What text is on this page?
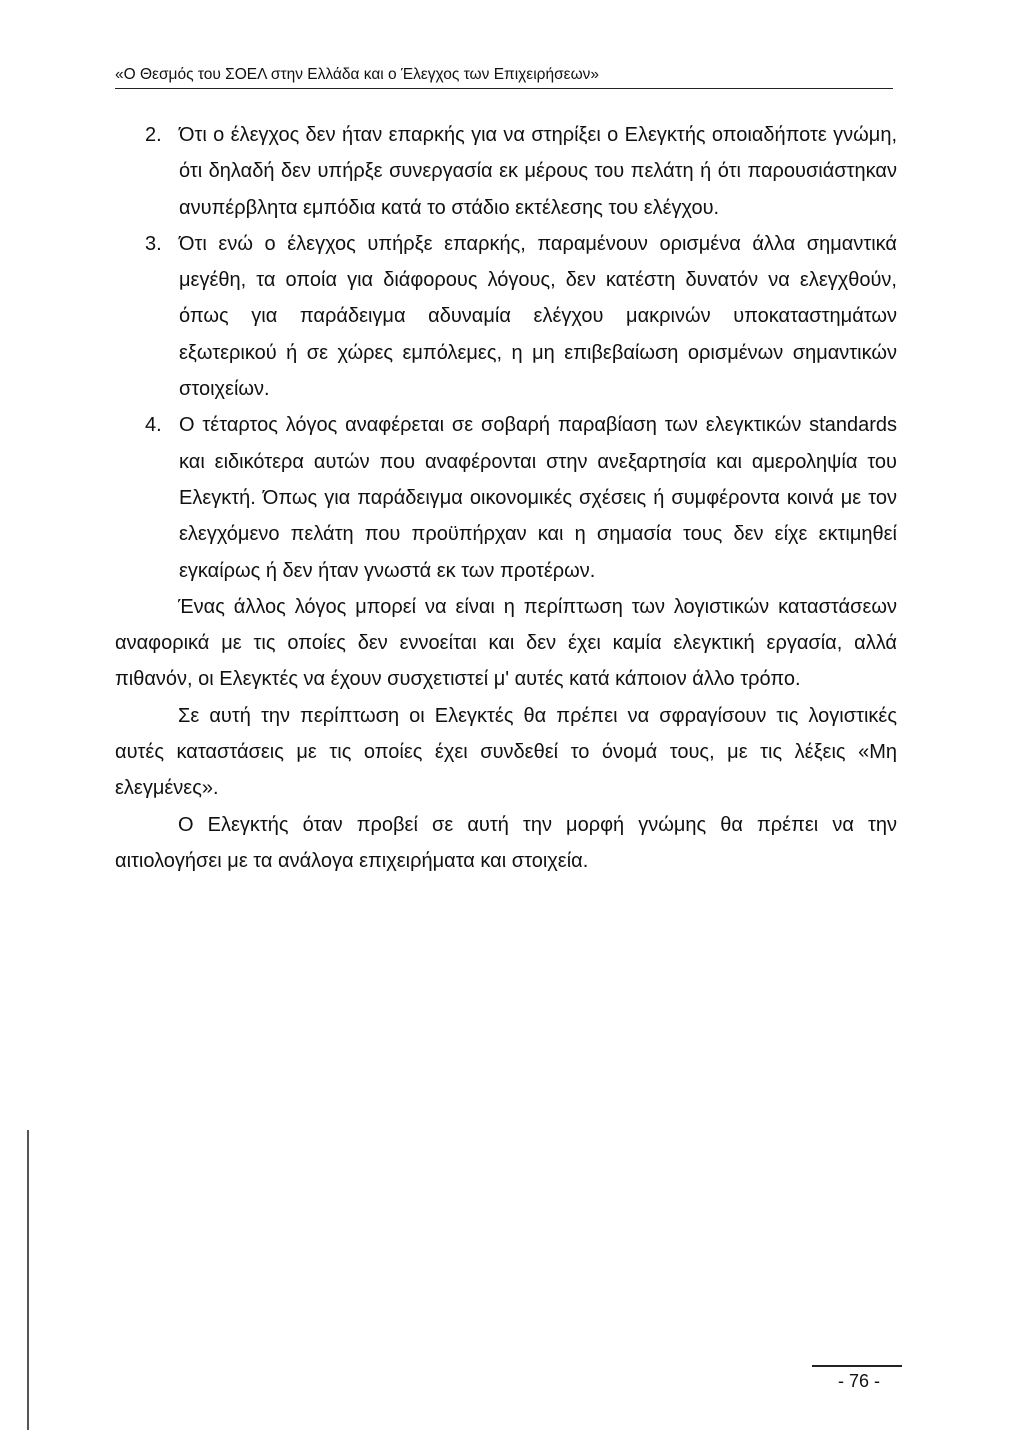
«Ο Θεσμός του ΣΟΕΛ στην Ελλάδα και ο Έλεγχος των Επιχειρήσεων»
2. Ότι ο έλεγχος δεν ήταν επαρκής για να στηρίξει ο Ελεγκτής οποιαδήποτε γνώμη, ότι δηλαδή δεν υπήρξε συνεργασία εκ μέρους του πελάτη ή ότι παρουσιάστηκαν ανυπέρβλητα εμπόδια κατά το στάδιο εκτέλεσης του ελέγχου.
3. Ότι ενώ ο έλεγχος υπήρξε επαρκής, παραμένουν ορισμένα άλλα σημαντικά μεγέθη, τα οποία για διάφορους λόγους, δεν κατέστη δυνατόν να ελεγχθούν, όπως για παράδειγμα αδυναμία ελέγχου μακρινών υποκαταστημάτων εξωτερικού ή σε χώρες εμπόλεμες, η μη επιβεβαίωση ορισμένων σημαντικών στοιχείων.
4. Ο τέταρτος λόγος αναφέρεται σε σοβαρή παραβίαση των ελεγκτικών standards και ειδικότερα αυτών που αναφέρονται στην ανεξαρτησία και αμεροληψία του Ελεγκτή. Όπως για παράδειγμα οικονομικές σχέσεις ή συμφέροντα κοινά με τον ελεγχόμενο πελάτη που προϋπήρχαν και η σημασία τους δεν είχε εκτιμηθεί εγκαίρως ή δεν ήταν γνωστά εκ των προτέρων.

Ένας άλλος λόγος μπορεί να είναι η περίπτωση των λογιστικών καταστάσεων αναφορικά με τις οποίες δεν εννοείται και δεν έχει καμία ελεγκτική εργασία, αλλά πιθανόν, οι Ελεγκτές να έχουν συσχετιστεί μ' αυτές κατά κάποιον άλλο τρόπο.

Σε αυτή την περίπτωση οι Ελεγκτές θα πρέπει να σφραγίσουν τις λογιστικές αυτές καταστάσεις με τις οποίες έχει συνδεθεί το όνομά τους, με τις λέξεις «Μη ελεγμένες».

Ο Ελεγκτής όταν προβεί σε αυτή την μορφή γνώμης θα πρέπει να την αιτιολογήσει με τα ανάλογα επιχειρήματα και στοιχεία.

- 76 -
